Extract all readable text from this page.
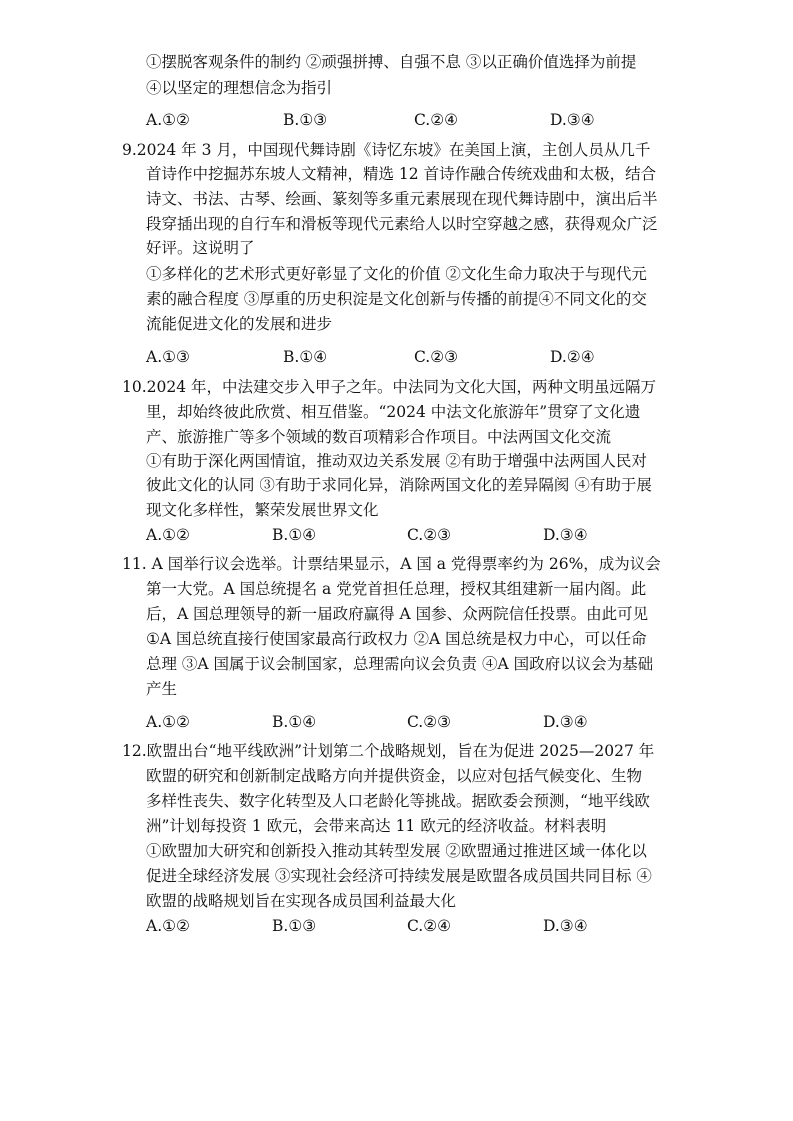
①摆脱客观条件的制约 ②顽强拼搏、自强不息 ③以正确价值选择为前提
④以坚定的理想信念为指引
A.①②	B.①③	C.②④	D.③④
9.2024 年 3 月，中国现代舞诗剧《诗忆东坡》在美国上演，主创人员从几千
首诗作中挖掘苏东坡人文精神，精选 12 首诗作融合传统戏曲和太极，结合
诗文、书法、古琴、绘画、篆刻等多重元素展现在现代舞诗剧中，演出后半
段穿插出现的自行车和滑板等现代元素给人以时空穿越之感，获得观众广泛
好评。这说明了
①多样化的艺术形式更好彰显了文化的价值 ②文化生命力取决于与现代元
素的融合程度 ③厚重的历史积淀是文化创新与传播的前提④不同文化的交
流能促进文化的发展和进步
A.①③	B.①④	C.②③	D.②④
10.2024 年，中法建交步入甲子之年。中法同为文化大国，两种文明虽远隔万
里，却始终彼此欣赏、相互借鉴。“2024 中法文化旅游年”贯穿了文化遗
产、旅游推广等多个领域的数百项精彩合作项目。中法两国文化交流
①有助于深化两国情谊，推动双边关系发展 ②有助于增强中法两国人民对
彼此文化的认同 ③有助于求同化异，消除两国文化的差异隔阂 ④有助于展
现文化多样性，繁荣发展世界文化
A.①②	B.①④	C.②③	D.③④
11. A 国举行议会选举。计票结果显示，A 国 a 党得票率约为 26%，成为议会
第一大党。A 国总统提名 a 党党首担任总理，授权其组建新一届内阁。此
后，A 国总理领导的新一届政府赢得 A 国参、众两院信任投票。由此可见
①A 国总统直接行使国家最高行政权力 ②A 国总统是权力中心，可以任命
总理 ③A 国属于议会制国家，总理需向议会负责 ④A 国政府以议会为基础
产生
A.①②	B.①④	C.②③	D.③④
12.欧盟出台“地平线欧洲”计划第二个战略规划，旨在为促进 2025—2027 年
欧盟的研究和创新制定战略方向并提供资金，以应对包括气候变化、生物
多样性丧失、数字化转型及人口老龄化等挑战。据欧委会预测，“地平线欧
洲”计划每投资 1 欧元，会带来高达 11 欧元的经济收益。材料表明
①欧盟加大研究和创新投入推动其转型发展 ②欧盟通过推进区域一体化以
促进全球经济发展 ③实现社会经济可持续发展是欧盟各成员国共同目标 ④
欧盟的战略规划旨在实现各成员国利益最大化
A.①②	B.①③	C.②④	D.③④
